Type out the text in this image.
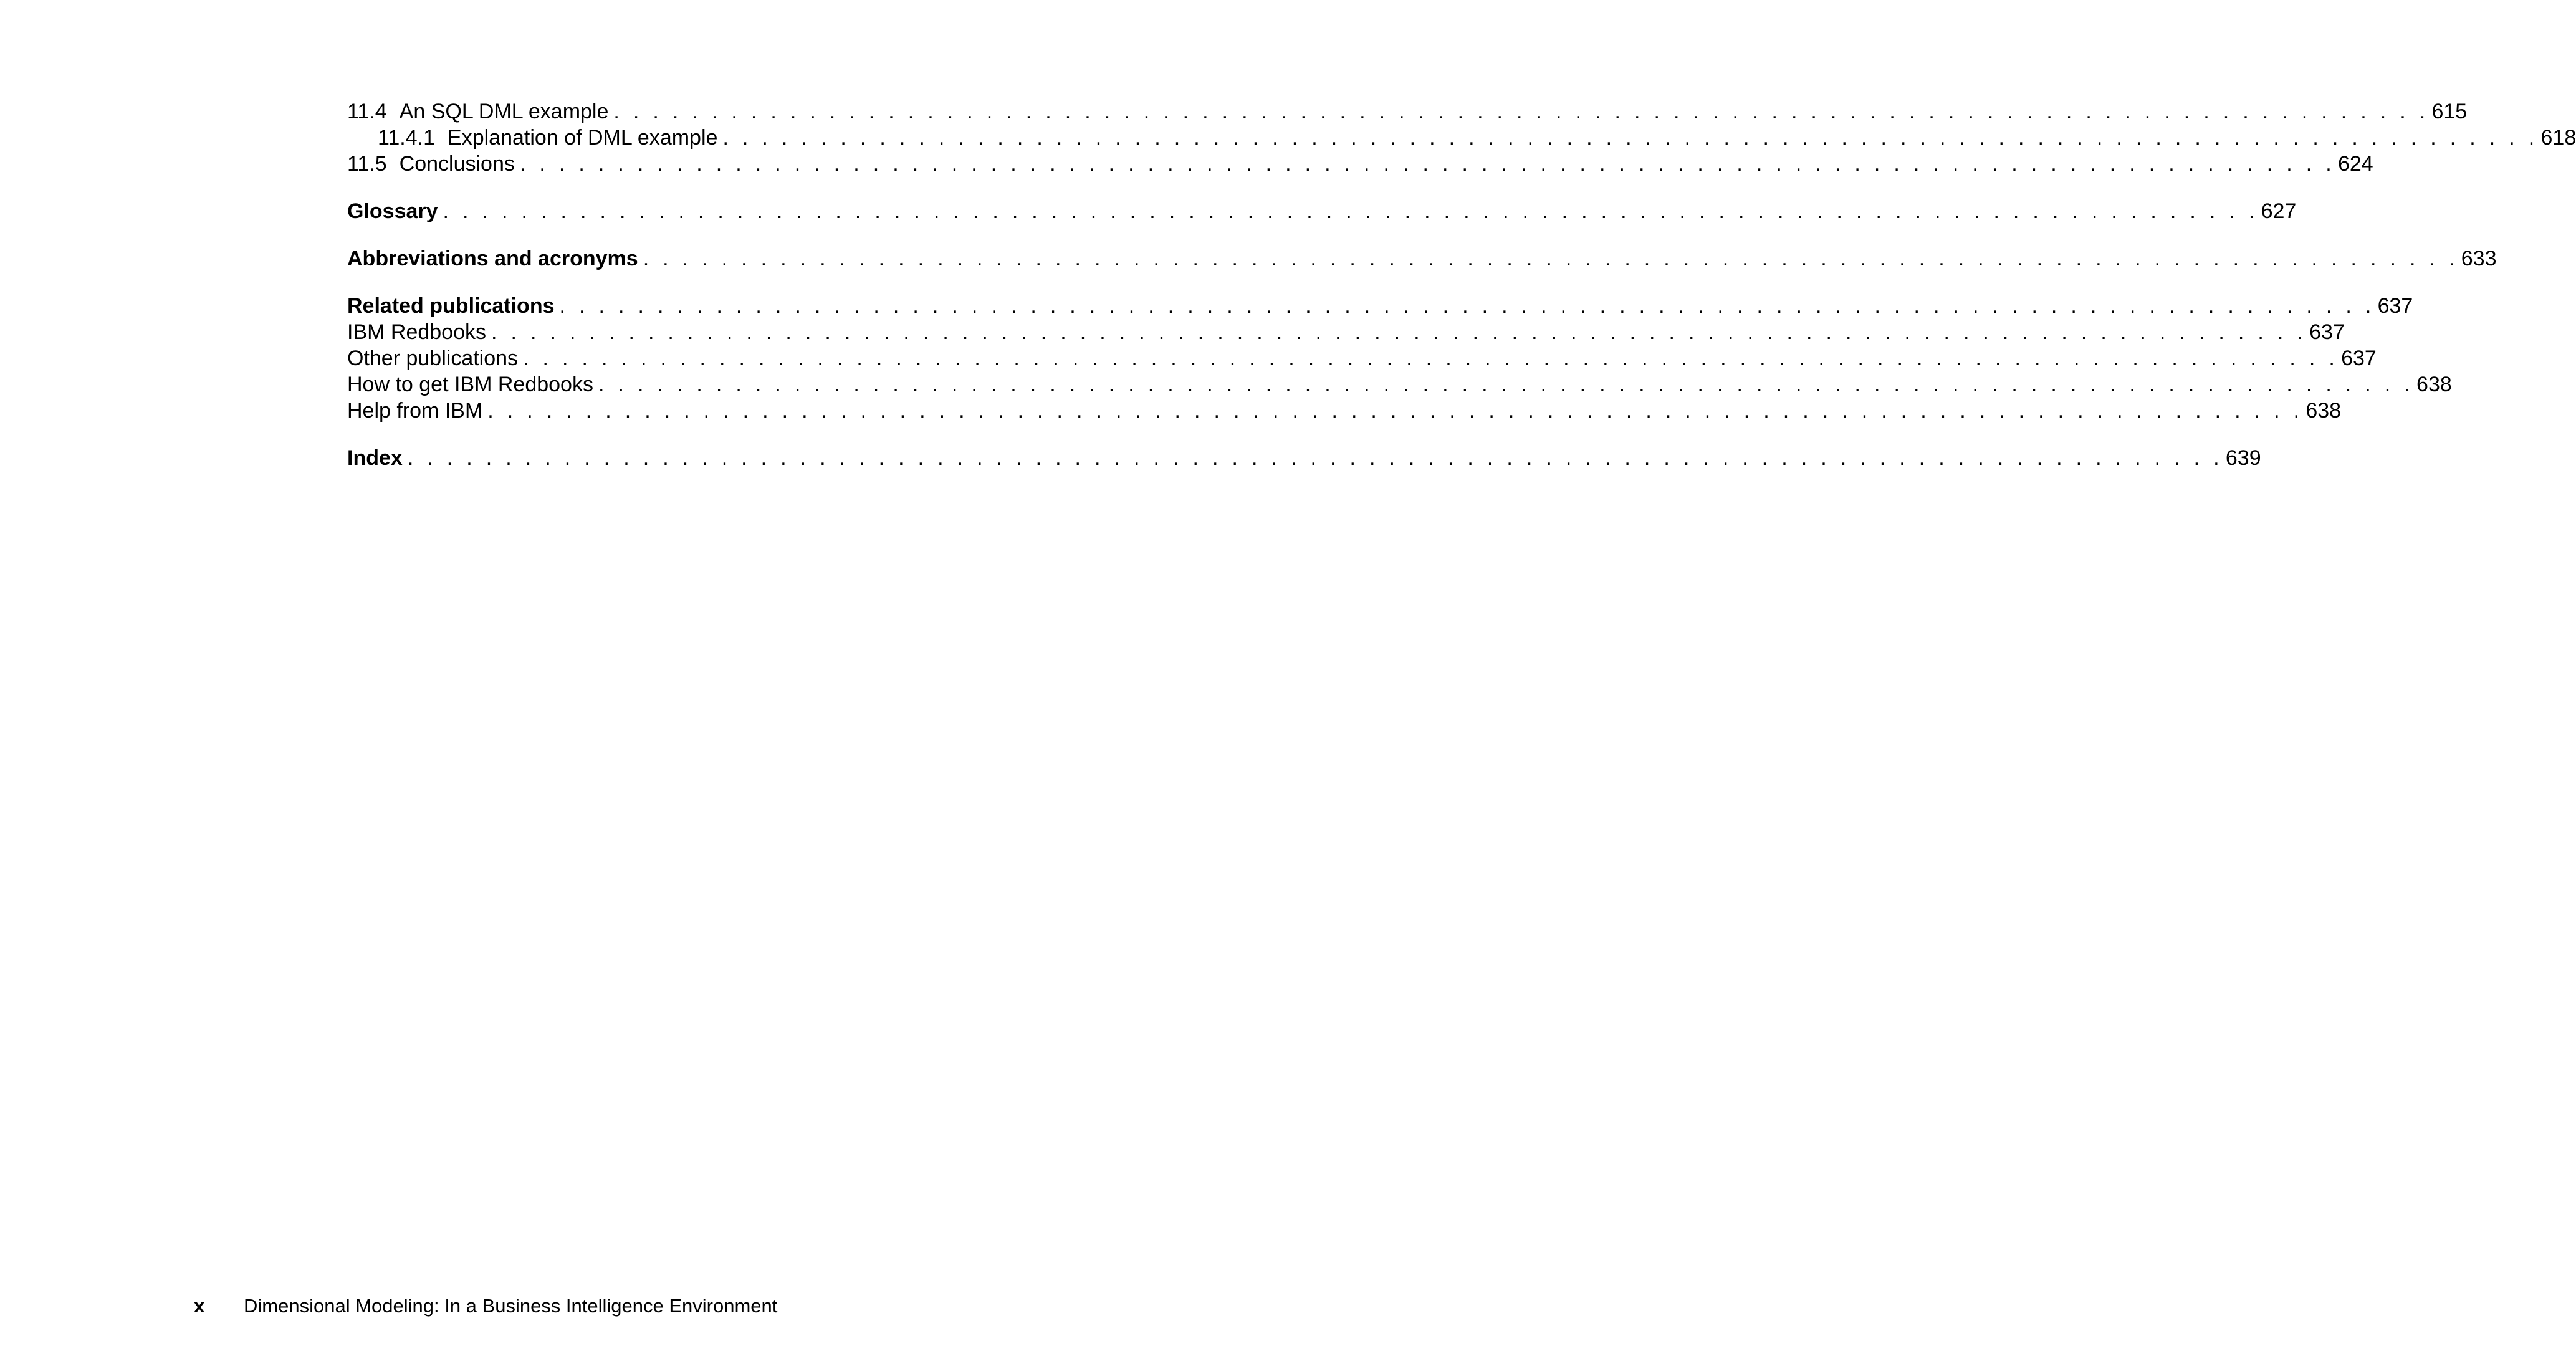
11.4 An SQL DML example . . . . . . . . . . . . . . . . . . . . . . . . . . . . . . . . . . . . . . . . . . . . . . . . . . . . . . . . . . . . . . . . . . . . . . . . . . . . . . . . . . . . . . . . . . . . . 615
11.4.1 Explanation of DML example . . . . . . . . . . . . . . . . . . . . . . . . . . . . . . . . . . . . . . . . . . . . . . . . . . . . . . . . . . . . . . . . . . . . . . . . . . . . . . . . . . . . . . . . . . . . . 618
11.5 Conclusions . . . . . . . . . . . . . . . . . . . . . . . . . . . . . . . . . . . . . . . . . . . . . . . . . . . . . . . . . . . . . . . . . . . . . . . . . . . . . . . . . . . . . . . . . . . . . 624
Glossary . . . . . . . . . . . . . . . . . . . . . . . . . . . . . . . . . . . . . . . . . . . . . . . . . . . . . . . . . . . . . . . . . . . . . . . . . . . . . . . . . . . . . . . . . . . . . 627
Abbreviations and acronyms . . . . . . . . . . . . . . . . . . . . . . . . . . . . . . . . . . . . . . . . . . . . . . . . . . . . . . . . . . . . . . . . . . . . . . . . . . . . . . . . . . . . . . . . . . . . . 633
Related publications . . . . . . . . . . . . . . . . . . . . . . . . . . . . . . . . . . . . . . . . . . . . . . . . . . . . . . . . . . . . . . . . . . . . . . . . . . . . . . . . . . . . . . . . . . . . . 637
IBM Redbooks . . . . . . . . . . . . . . . . . . . . . . . . . . . . . . . . . . . . . . . . . . . . . . . . . . . . . . . . . . . . . . . . . . . . . . . . . . . . . . . . . . . . . . . . . . . . . 637
Other publications . . . . . . . . . . . . . . . . . . . . . . . . . . . . . . . . . . . . . . . . . . . . . . . . . . . . . . . . . . . . . . . . . . . . . . . . . . . . . . . . . . . . . . . . . . . . . 637
How to get IBM Redbooks . . . . . . . . . . . . . . . . . . . . . . . . . . . . . . . . . . . . . . . . . . . . . . . . . . . . . . . . . . . . . . . . . . . . . . . . . . . . . . . . . . . . . . . . . . . . . 638
Help from IBM . . . . . . . . . . . . . . . . . . . . . . . . . . . . . . . . . . . . . . . . . . . . . . . . . . . . . . . . . . . . . . . . . . . . . . . . . . . . . . . . . . . . . . . . . . . . . 638
Index . . . . . . . . . . . . . . . . . . . . . . . . . . . . . . . . . . . . . . . . . . . . . . . . . . . . . . . . . . . . . . . . . . . . . . . . . . . . . . . . . . . . . . . . . . . . . 639
x	Dimensional Modeling: In a Business Intelligence Environment
